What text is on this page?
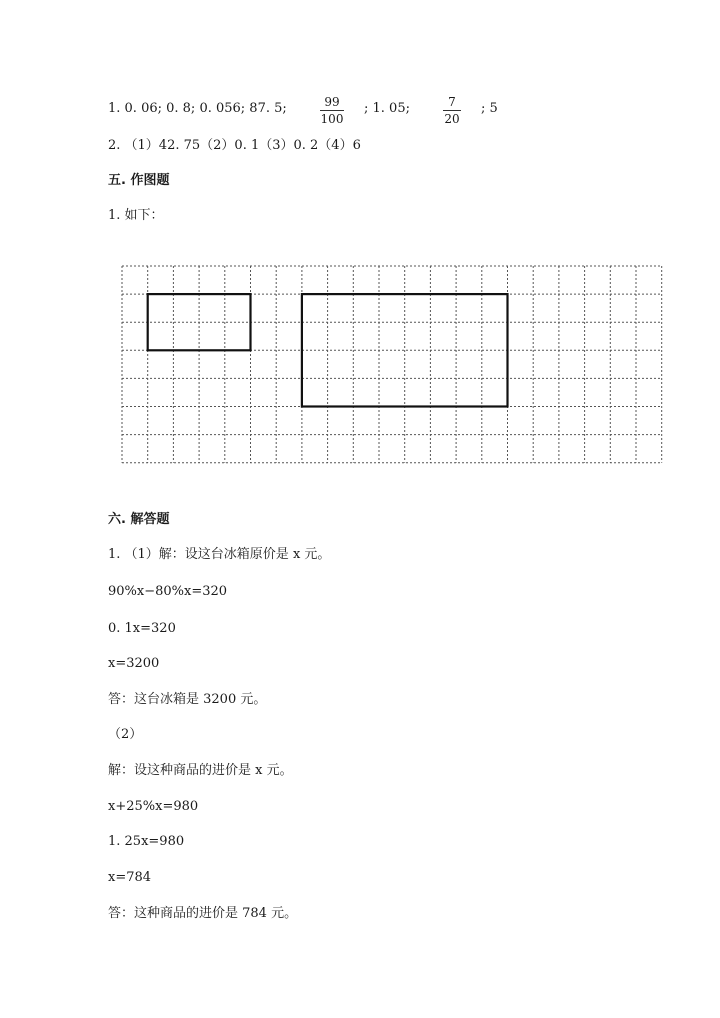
1. 0. 06; 0. 8; 0. 056; 87. 5;	99
100
; 1. 05;	7
20
; 5
2. （1）42. 75（2）0. 1（3）0. 2（4）6
五. 作图题
1. 如下：
六. 解答题
1. （1）解：设这台冰箱原价是 x 元。
90%x−80%x=320
0. 1x=320
x=3200
答：这台冰箱是 3200 元。
（2）
解：设这种商品的进价是 x 元。
x+25%x=980
1. 25x=980
x=784
答：这种商品的进价是 784 元。
